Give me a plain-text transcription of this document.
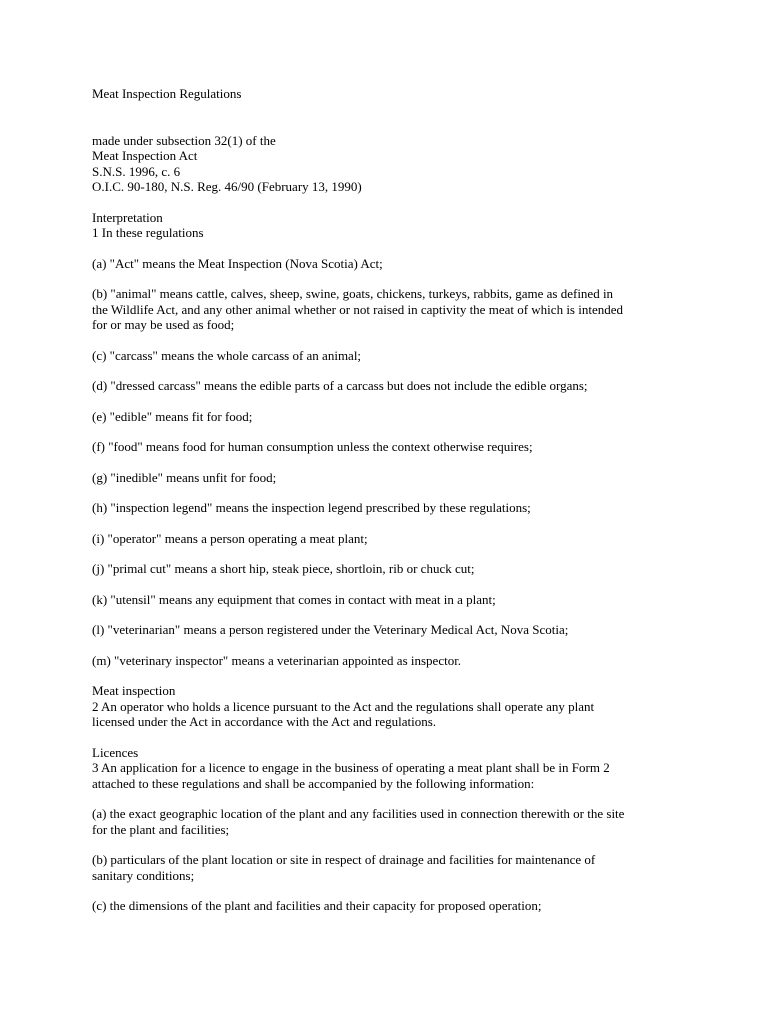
Meat Inspection Regulations
made under subsection 32(1) of the
Meat Inspection Act
S.N.S. 1996, c. 6
O.I.C. 90-180, N.S. Reg. 46/90 (February 13, 1990)
Interpretation
1 In these regulations
(a) "Act" means the Meat Inspection (Nova Scotia) Act;
(b) "animal" means cattle, calves, sheep, swine, goats, chickens, turkeys, rabbits, game as defined in
the Wildlife Act, and any other animal whether or not raised in captivity the meat of which is intended
for or may be used as food;
(c) "carcass" means the whole carcass of an animal;
(d) "dressed carcass" means the edible parts of a carcass but does not include the edible organs;
(e) "edible" means fit for food;
(f) "food" means food for human consumption unless the context otherwise requires;
(g) "inedible" means unfit for food;
(h) "inspection legend" means the inspection legend prescribed by these regulations;
(i) "operator" means a person operating a meat plant;
(j) "primal cut" means a short hip, steak piece, shortloin, rib or chuck cut;
(k) "utensil" means any equipment that comes in contact with meat in a plant;
(l) "veterinarian" means a person registered under the Veterinary Medical Act, Nova Scotia;
(m) "veterinary inspector" means a veterinarian appointed as inspector.
Meat inspection
2 An operator who holds a licence pursuant to the Act and the regulations shall operate any plant
licensed under the Act in accordance with the Act and regulations.
Licences
3 An application for a licence to engage in the business of operating a meat plant shall be in Form 2
attached to these regulations and shall be accompanied by the following information:
(a) the exact geographic location of the plant and any facilities used in connection therewith or the site
for the plant and facilities;
(b) particulars of the plant location or site in respect of drainage and facilities for maintenance of
sanitary conditions;
(c) the dimensions of the plant and facilities and their capacity for proposed operation;
